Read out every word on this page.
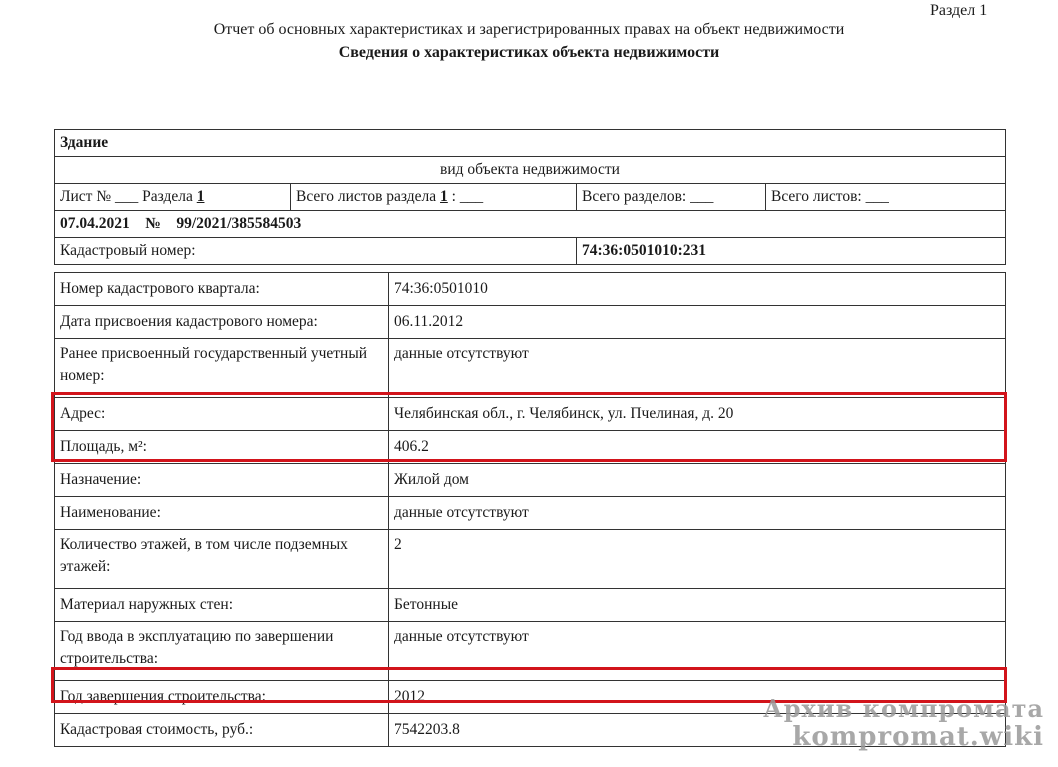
Раздел 1
Отчет об основных характеристиках и зарегистрированных правах на объект недвижимости
Сведения о характеристиках объекта недвижимости
Здание			
вид объекта недвижимости			
Лист № ___ Раздела 1	Всего листов раздела 1 : ___	Всего разделов: ___	Всего листов: ___
07.04.2021    №    99/2021/385584503			
Кадастровый номер:		74:36:0501010:231	
Номер кадастрового квартала:	74:36:0501010
Дата присвоения кадастрового номера:	06.11.2012
Ранее присвоенный государственный учетный номер:	данные отсутствуют
Адрес:	Челябинская обл., г. Челябинск, ул. Пчелиная, д. 20
Площадь, м²:	406.2
Назначение:	Жилой дом
Наименование:	данные отсутствуют
Количество этажей, в том числе подземных этажей:	2
Материал наружных стен:	Бетонные
Год ввода в эксплуатацию по завершении строительства:	данные отсутствуют
Год завершения строительства:	2012
Кадастровая стоимость, руб.:	7542203.8
Архив компромата
kompromat.wiki
